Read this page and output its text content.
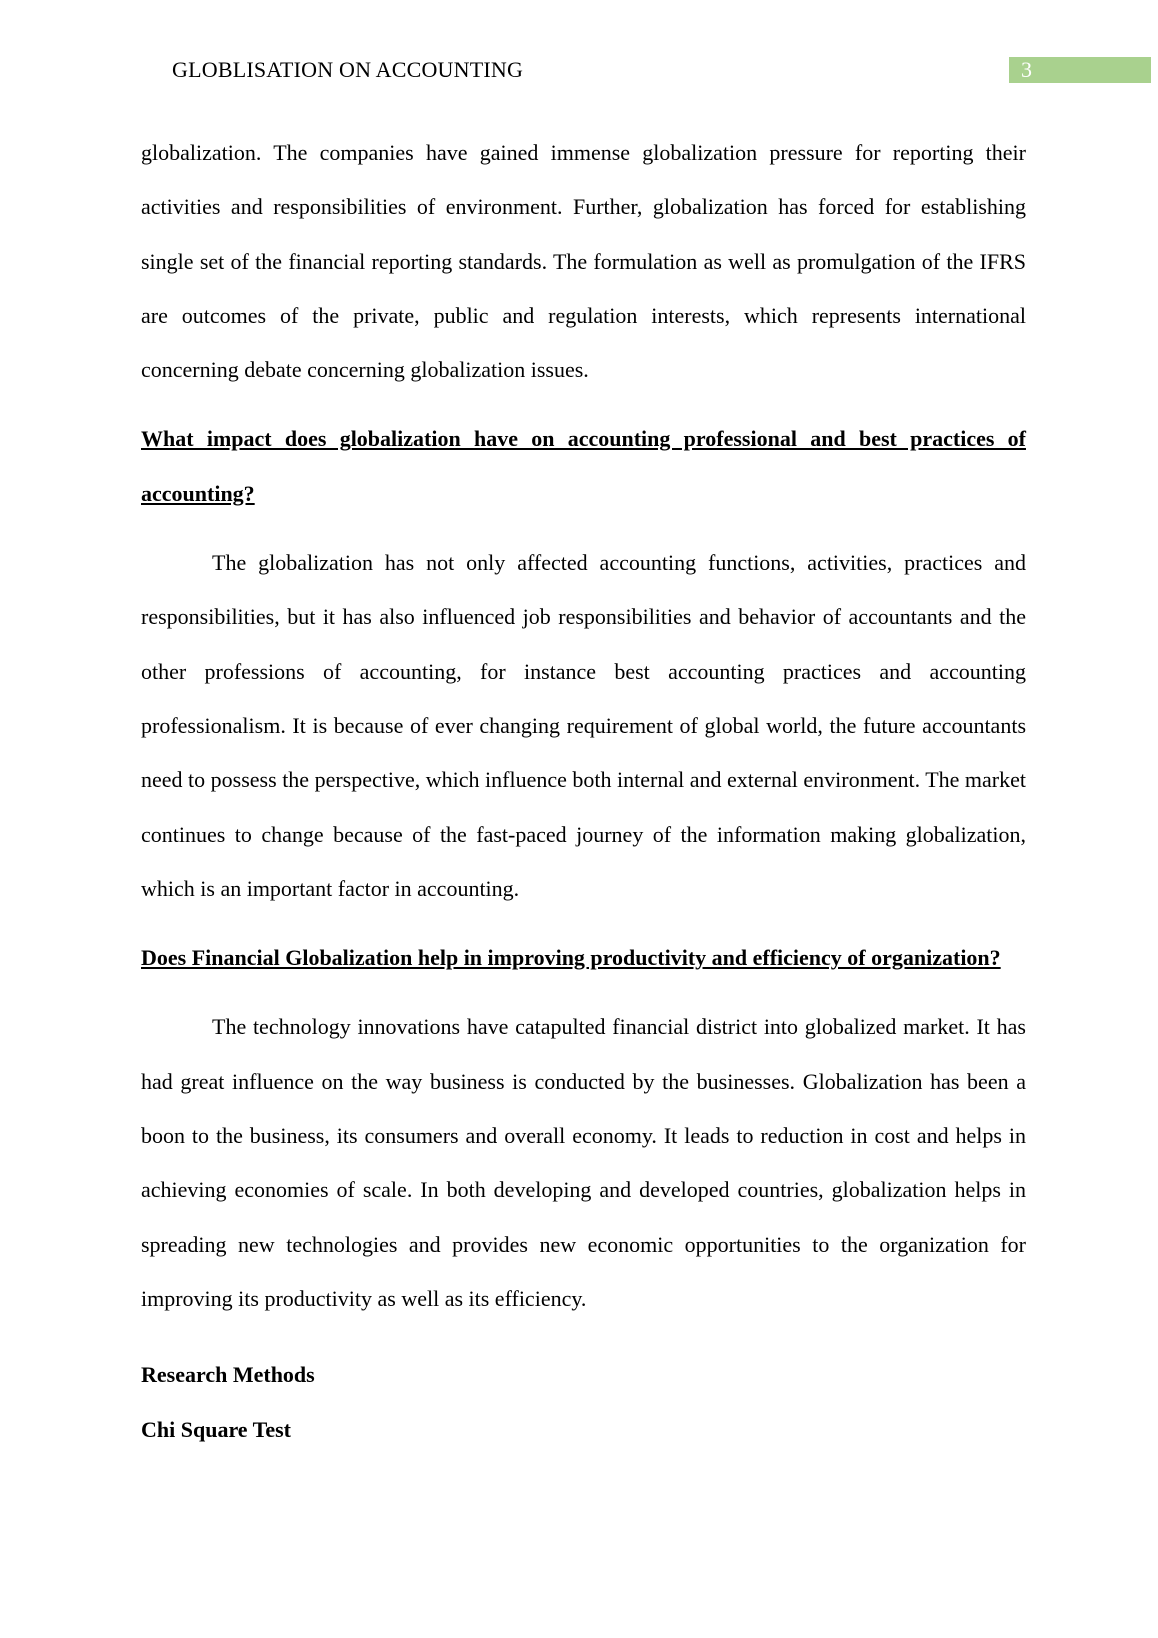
GLOBLISATION ON ACCOUNTING	3

globalization. The companies have gained immense globalization pressure for reporting their activities and responsibilities of environment. Further, globalization has forced for establishing single set of the financial reporting standards. The formulation as well as promulgation of the IFRS are outcomes of the private, public and regulation interests, which represents international concerning debate concerning globalization issues.

What impact does globalization have on accounting professional and best practices of accounting?

The globalization has not only affected accounting functions, activities, practices and responsibilities, but it has also influenced job responsibilities and behavior of accountants and the other professions of accounting, for instance best accounting practices and accounting professionalism. It is because of ever changing requirement of global world, the future accountants need to possess the perspective, which influence both internal and external environment. The market continues to change because of the fast-paced journey of the information making globalization, which is an important factor in accounting.

Does Financial Globalization help in improving productivity and efficiency of organization?

The technology innovations have catapulted financial district into globalized market. It has had great influence on the way business is conducted by the businesses. Globalization has been a boon to the business, its consumers and overall economy. It leads to reduction in cost and helps in achieving economies of scale. In both developing and developed countries, globalization helps in spreading new technologies and provides new economic opportunities to the organization for improving its productivity as well as its efficiency.

Research Methods
Chi Square Test
